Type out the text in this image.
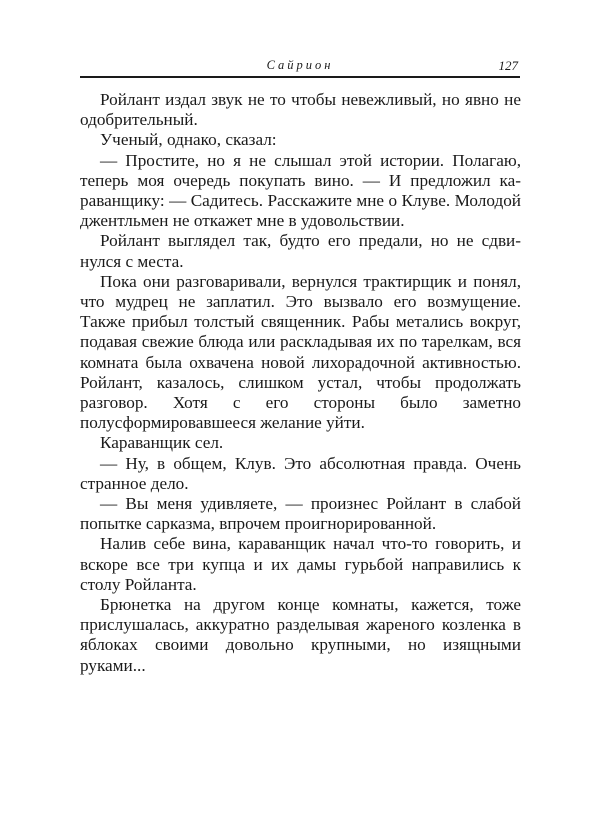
Сайрион	127

Ройлант издал звук не то чтобы невежливый, но явно не одобрительный.

Ученый, однако, сказал:

— Простите, но я не слышал этой истории. Полагаю, теперь моя очередь покупать вино. — И предложил караванщику: — Садитесь. Расскажите мне о Клуве. Молодой джентльмен не откажет мне в удовольствии.

Ройлант выглядел так, будто его предали, но не сдвинулся с места.

Пока они разговаривали, вернулся трактирщик и понял, что мудрец не заплатил. Это вызвало его возмущение. Также прибыл толстый священник. Рабы метались вокруг, подавая свежие блюда или раскладывая их по тарелкам, вся комната была охвачена новой лихорадочной активностью. Ройлант, казалось, слишком устал, чтобы продолжать разговор. Хотя с его стороны было заметно полусформировавшееся желание уйти.

Караванщик сел.

— Ну, в общем, Клув. Это абсолютная правда. Очень странное дело.

— Вы меня удивляете, — произнес Ройлант в слабой попытке сарказма, впрочем проигнорированной.

Налив себе вина, караванщик начал что-то говорить, и вскоре все три купца и их дамы гурьбой направились к столу Ройланта.

Брюнетка на другом конце комнаты, кажется, тоже прислушалась, аккуратно разделывая жареного козленка в яблоках своими довольно крупными, но изящными руками...
